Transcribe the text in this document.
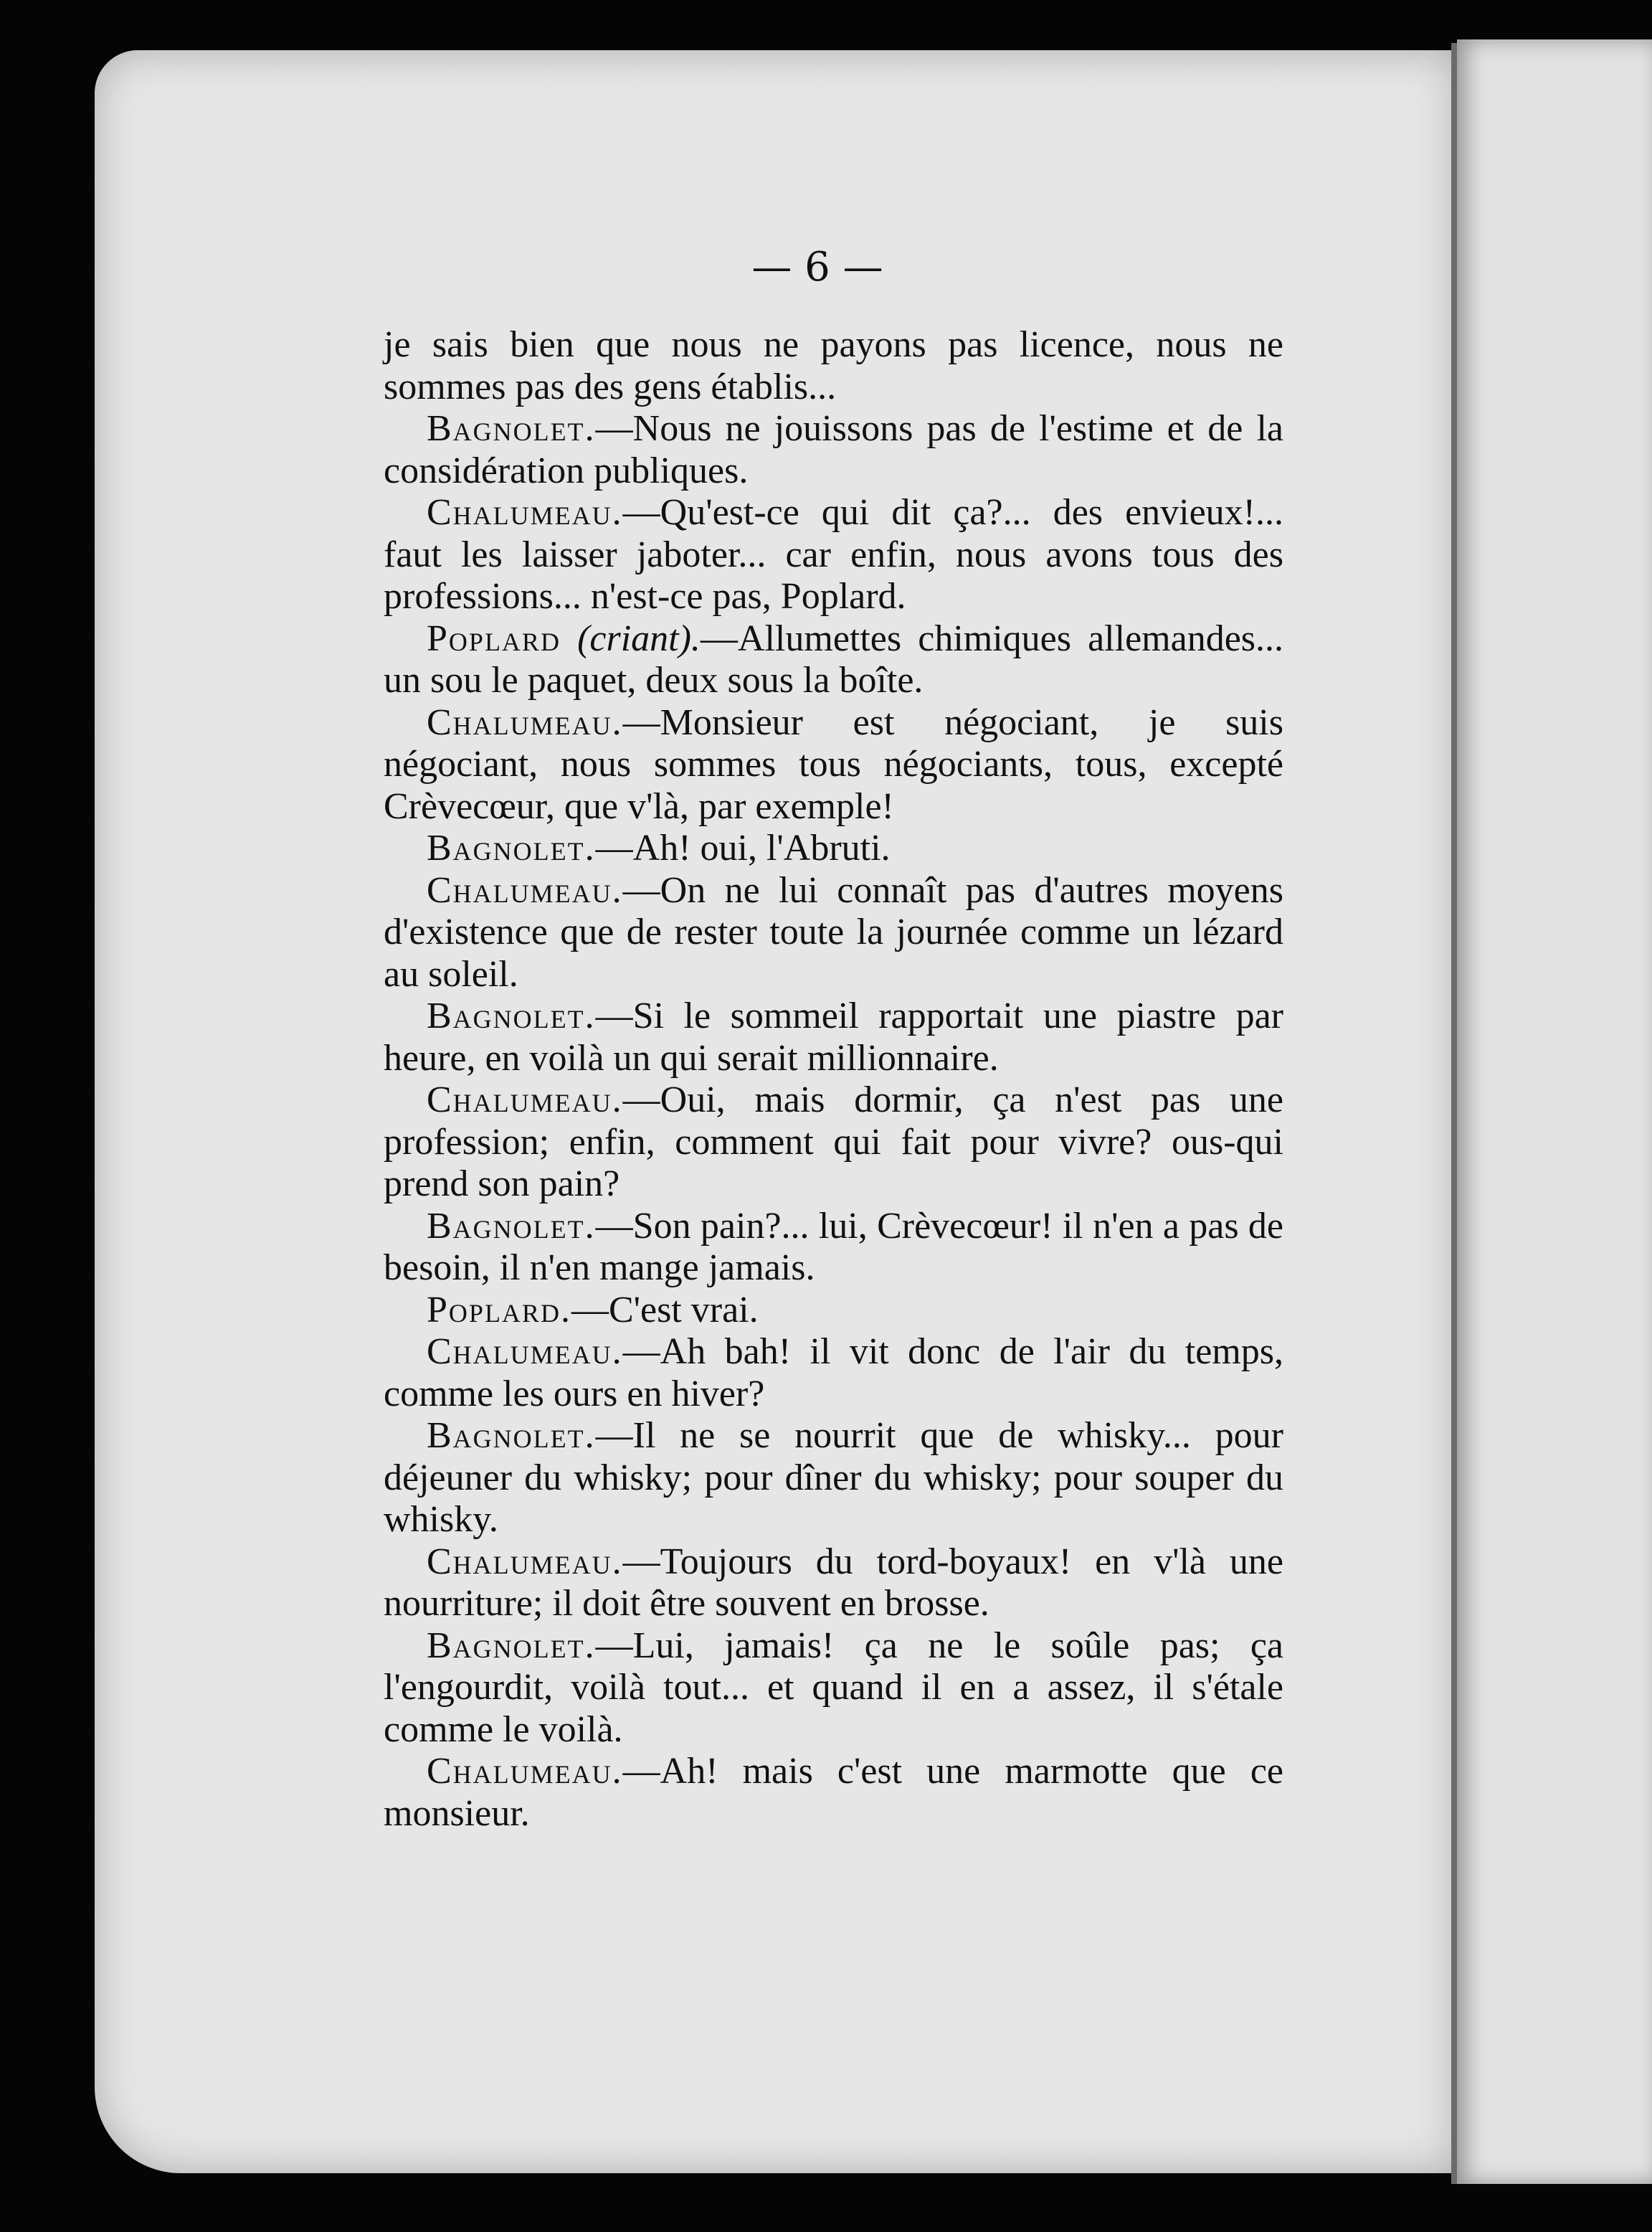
— 6 —

je sais bien que nous ne payons pas licence, nous ne sommes pas des gens établis...

Bagnolet.—Nous ne jouissons pas de l'estime et de la considération publiques.

Chalumeau.—Qu'est-ce qui dit ça?... des envieux!... faut les laisser jaboter... car enfin, nous avons tous des professions... n'est-ce pas, Poplard.

Poplard (criant).—Allumettes chimiques allemandes... un sou le paquet, deux sous la boîte.

Chalumeau.—Monsieur est négociant, je suis négociant, nous sommes tous négociants, tous, excepté Crèvecœur, que v'là, par exemple!

Bagnolet.—Ah! oui, l'Abruti.

Chalumeau.—On ne lui connaît pas d'autres moyens d'existence que de rester toute la journée comme un lézard au soleil.

Bagnolet.—Si le sommeil rapportait une piastre par heure, en voilà un qui serait millionnaire.

Chalumeau.—Oui, mais dormir, ça n'est pas une profession; enfin, comment qui fait pour vivre? ous-qui prend son pain?

Bagnolet.—Son pain?... lui, Crèvecœur! il n'en a pas de besoin, il n'en mange jamais.

Poplard.—C'est vrai.

Chalumeau.—Ah bah! il vit donc de l'air du temps, comme les ours en hiver?

Bagnolet.—Il ne se nourrit que de whisky... pour déjeuner du whisky; pour dîner du whisky; pour souper du whisky.

Chalumeau.—Toujours du tord-boyaux! en v'là une nourriture; il doit être souvent en brosse.

Bagnolet.—Lui, jamais! ça ne le soûle pas; ça l'engourdit, voilà tout... et quand il en a assez, il s'étale comme le voilà.

Chalumeau.—Ah! mais c'est une marmotte que ce monsieur.
